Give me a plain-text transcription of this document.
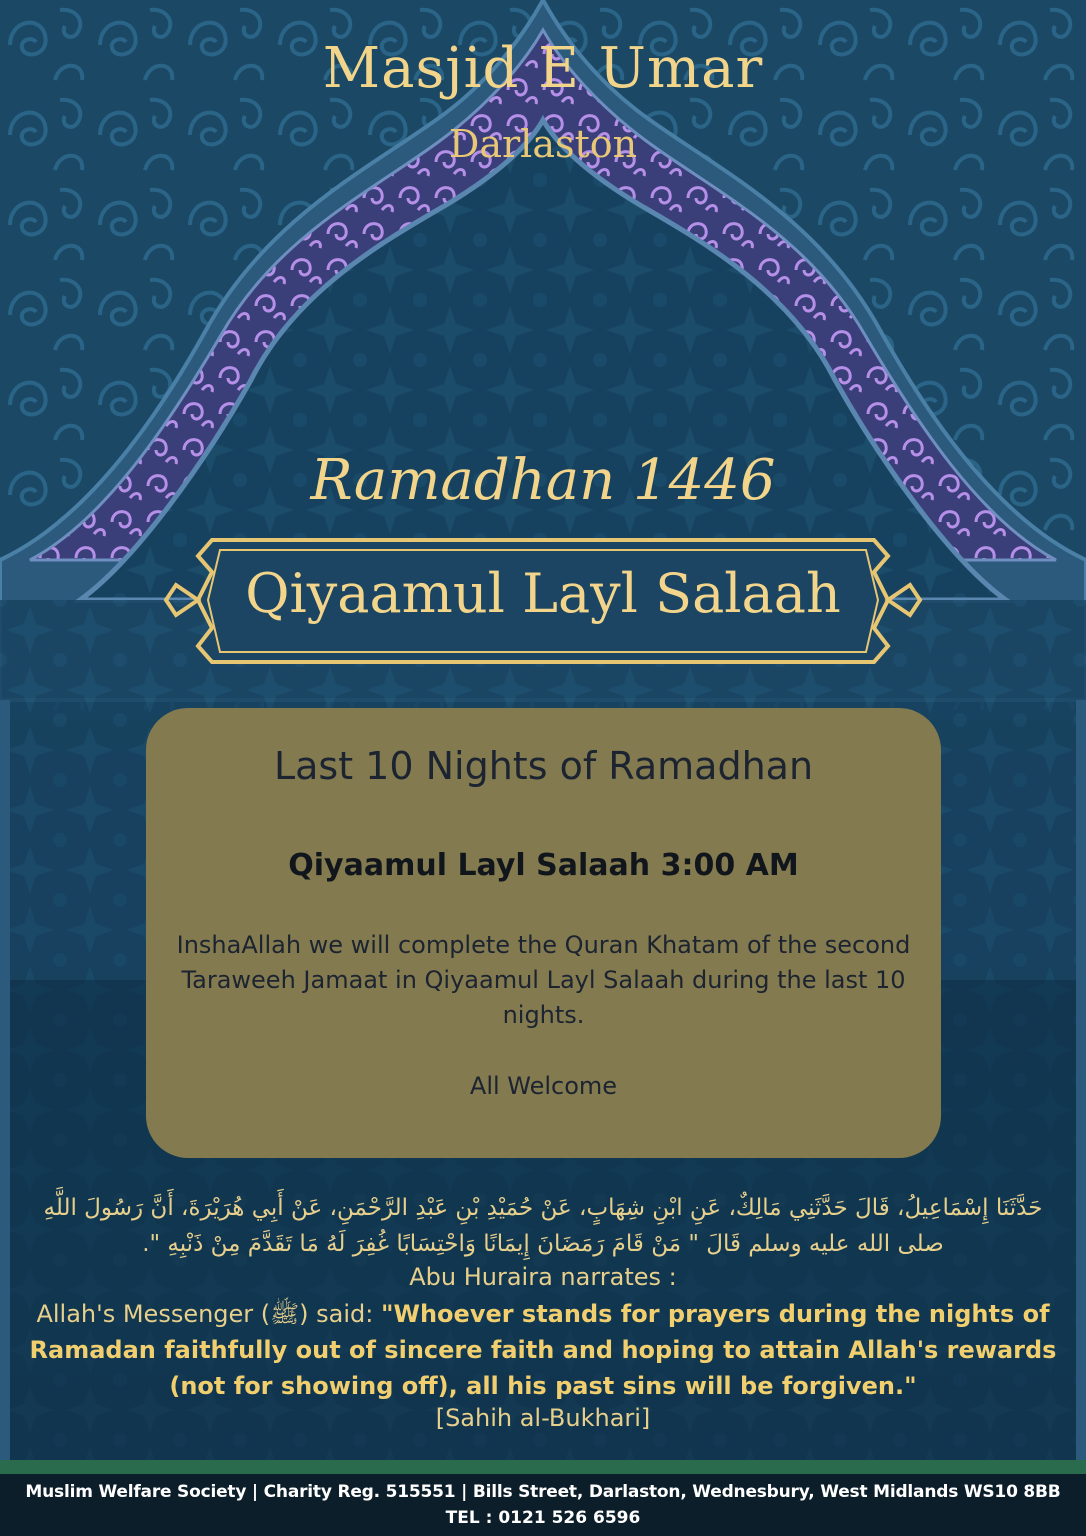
Masjid E Umar
Darlaston
Ramadhan 1446
Qiyaamul Layl Salaah
Last 10 Nights of Ramadhan
Qiyaamul Layl Salaah 3:00 AM
InshaAllah we will complete the Quran Khatam of the second Taraweeh Jamaat in Qiyaamul Layl Salaah during the last 10 nights.
All Welcome
حَدَّثَنَا إِسْمَاعِيلُ، قَالَ حَدَّثَنِي مَالِكٌ، عَنِ ابْنِ شِهَابٍ، عَنْ حُمَيْدِ بْنِ عَبْدِ الرَّحْمَنِ، عَنْ أَبِي هُرَيْرَةَ، أَنَّ رَسُولَ اللَّهِ صلى الله عليه وسلم قَالَ " مَنْ قَامَ رَمَضَانَ إِيمَانًا وَاحْتِسَابًا غُفِرَ لَهُ مَا تَقَدَّمَ مِنْ ذَنْبِهِ ".
Abu Huraira narrates :
Allah's Messenger (ﷺ) said: "Whoever stands for prayers during the nights of Ramadan faithfully out of sincere faith and hoping to attain Allah's rewards (not for showing off), all his past sins will be forgiven."
[Sahih al-Bukhari]
Muslim Welfare Society | Charity Reg. 515551 | Bills Street, Darlaston, Wednesbury, West Midlands WS10 8BB
TEL : 0121 526 6596
